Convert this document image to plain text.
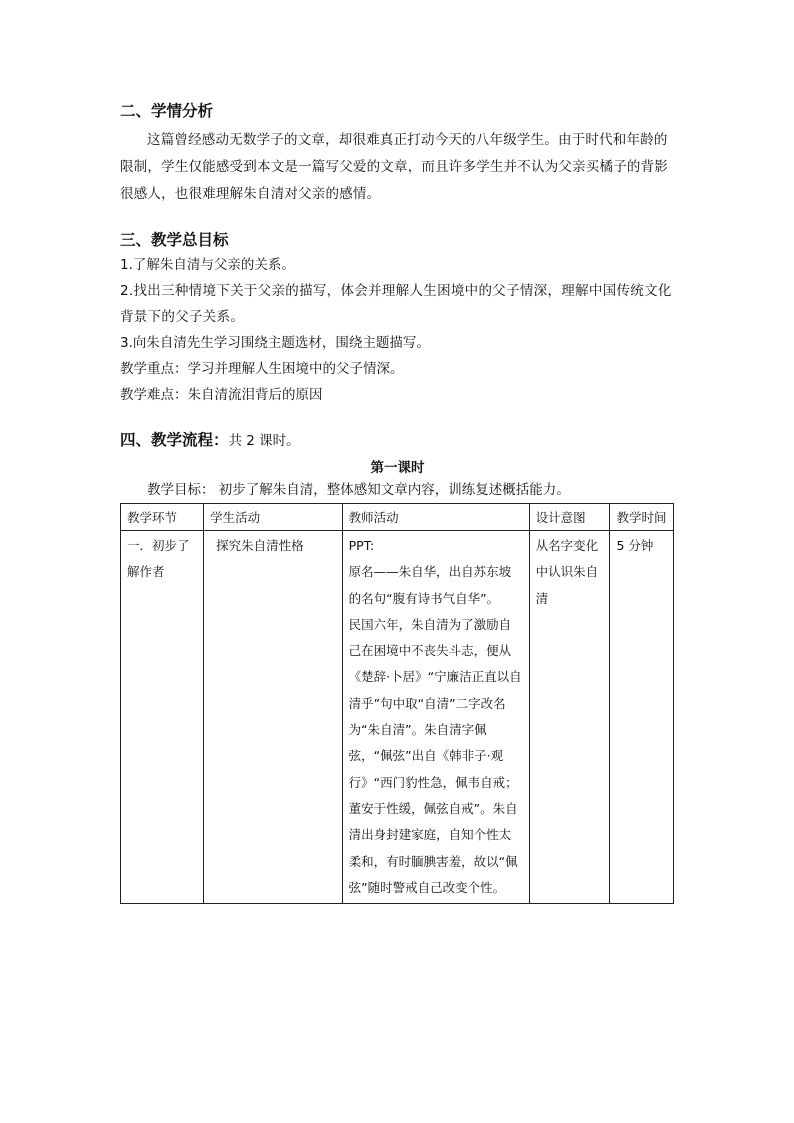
二、学情分析

这篇曾经感动无数学子的文章，却很难真正打动今天的八年级学生。由于时代和年龄的限制，学生仅能感受到本文是一篇写父爱的文章，而且许多学生并不认为父亲买橘子的背影很感人，也很难理解朱自清对父亲的感情。

三、教学总目标

1.了解朱自清与父亲的关系。

2.找出三种情境下关于父亲的描写，体会并理解人生困境中的父子情深，理解中国传统文化背景下的父子关系。

3.向朱自清先生学习围绕主题选材，围绕主题描写。

教学重点：学习并理解人生困境中的父子情深。

教学难点：朱自清流泪背后的原因

四、教学流程：共 2 课时。

第一课时

教学目标： 初步了解朱自清，整体感知文章内容，训练复述概括能力。

教学环节	学生活动	教师活动	设计意图	教学时间
一．初步了解作者	探究朱自清性格	PPT:

原名——朱自华，出自苏东坡的名句“腹有诗书气自华”。

民国六年，朱自清为了激励自己在困境中不丧失斗志，便从《楚辞·卜居》“宁廉洁正直以自清乎”句中取“自清”二字改名为“朱自清”。朱自清字佩弦，“佩弦”出自《韩非子·观行》“西门豹性急，佩韦自戒；董安于性缓，佩弦自戒”。朱自清出身封建家庭，自知个性太柔和，有时腼腆害羞，故以“佩弦”随时警戒自己改变个性。	从名字变化中认识朱自清	5 分钟
